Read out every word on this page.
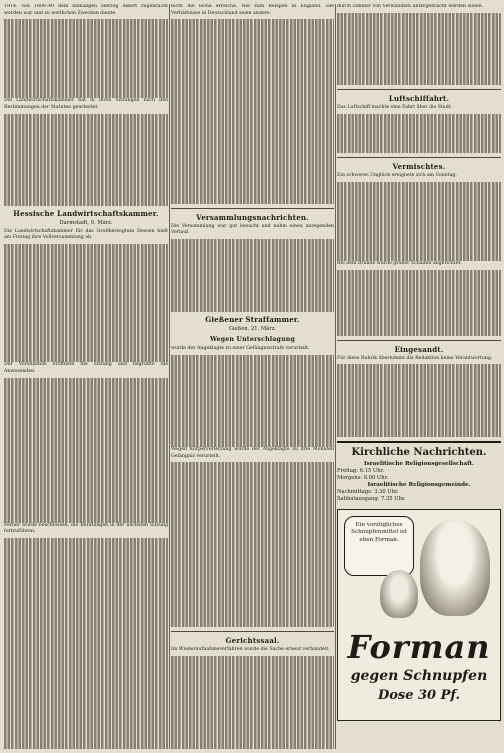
1914. von 1800–40 dem damaligen Herzog Albert zugebracht worden war und zu weltlichen Zwecken diente.
Die Landwirtschaftskammer hat in ihren Sitzungen nach den Bestimmungen der Statuten gearbeitet.
Hessische Landwirtschaftskammer.
Darmstadt, 9. März.
Die Landwirtschaftskammer für das Großherzogtum Hessen hielt am Freitag ihre Vollversammlung ab.
Der Vorsitzende eröffnete die Sitzung und begrüßte die Anwesenden.
Ferner wurde beschlossen, die Beratungen in der nächsten Sitzung fortzuführen.
nicht die Höhe erreiche, wie zum Beispiel in England. Die Verhältnisse in Deutschland seien andere.
Versammlungsnachrichten.
Die Versammlung war gut besucht und nahm einen anregenden Verlauf.
Gießener Straffammer.
Gießen, 21. März.
Wegen Unterschlagung
wurde der Angeklagte zu einer Gefängnisstrafe verurteilt.
Wegen Körperverletzung wurde der Angeklagte zu drei Monaten Gefängnis verurteilt.
Gerichtssaal.
Im Wiederaufnahmeverfahren wurde die Sache erneut verhandelt.
durch Zimmer von Verwandten untergebracht werden sollen.
Luftschiffahrt.
Das Luftschiff machte eine Fahrt über die Stadt.
Vermischtes.
Ein schweres Unglück ereignete sich am Sonntag.
Bei dem Brande wurde großer Schaden angerichtet.
Eingesandt.
Für diese Rubrik übernimmt die Redaktion keine Verantwortung.
Kirchliche Nachrichten.
Israelitische Religionsgesellschaft.
Freitag: 6.15 Uhr.
Morgens: 8.00 Uhr.
Israelitische Religionsgemeinde.
Nachmittags: 3.30 Uhr.
Sabbatausgang: 7.35 Uhr.
Ein vorzügliches Schnupfenmittel ist eben Forman.
Forman
gegen Schnupfen
Dose 30 Pf.
